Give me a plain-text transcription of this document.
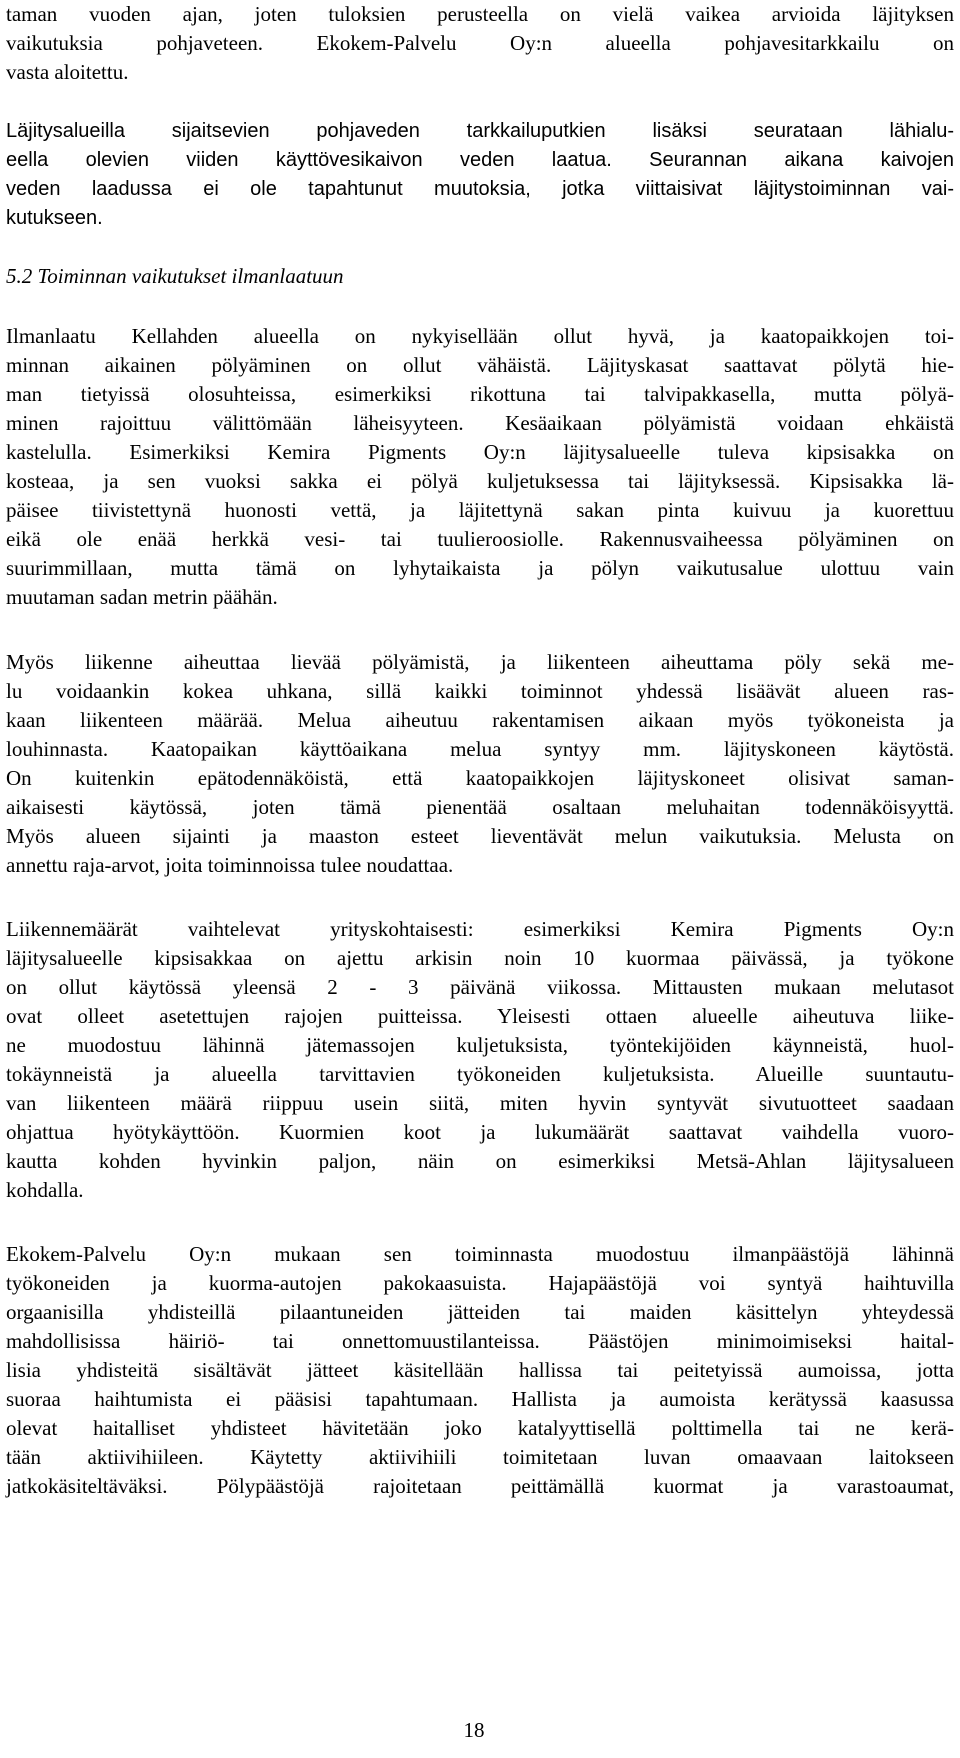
taman vuoden ajan, joten tuloksien perusteella on vielä vaikea arvioida läjityksen
vaikutuksia pohjaveteen. Ekokem-Palvelu Oy:n alueella pohjavesitarkkailu on
vasta aloitettu.
Läjitysalueilla sijaitsevien pohjaveden tarkkailuputkien lisäksi seurataan lähialu-
eella olevien viiden käyttövesikaivon veden laatua. Seurannan aikana kaivojen
veden laadussa ei ole tapahtunut muutoksia, jotka viittaisivat läjitystoiminnan vai-
kutukseen.
5.2 Toiminnan vaikutukset ilmanlaatuun
Ilmanlaatu Kellahden alueella on nykyisellään ollut hyvä, ja kaatopaikkojen toi-
minnan aikainen pölyäminen on ollut vähäistä. Läjityskasat saattavat pölytä hie-
man tietyissä olosuhteissa, esimerkiksi rikottuna tai talvipakkasella, mutta pölyä-
minen rajoittuu välittömään läheisyyteen. Kesäaikaan pölyämistä voidaan ehkäistä
kastelulla. Esimerkiksi Kemira Pigments Oy:n läjitysalueelle tuleva kipsisakka on
kosteaa, ja sen vuoksi sakka ei pölyä kuljetuksessa tai läjityksessä. Kipsisakka lä-
päisee tiivistettynä huonosti vettä, ja läjitettynä sakan pinta kuivuu ja kuorettuu
eikä ole enää herkkä vesi- tai tuulieroosiolle. Rakennusvaiheessa pölyäminen on
suurimmillaan, mutta tämä on lyhytaikaista ja pölyn vaikutusalue ulottuu vain
muutaman sadan metrin päähän.
Myös liikenne aiheuttaa lievää pölyämistä, ja liikenteen aiheuttama pöly sekä me-
lu voidaankin kokea uhkana, sillä kaikki toiminnot yhdessä lisäävät alueen ras-
kaan liikenteen määrää. Melua aiheutuu rakentamisen aikaan myös työkoneista ja
louhinnasta. Kaatopaikan käyttöaikana melua syntyy mm. läjityskoneen käytöstä.
On kuitenkin epätodennäköistä, että kaatopaikkojen läjityskoneet olisivat saman-
aikaisesti käytössä, joten tämä pienentää osaltaan meluhaitan todennäköisyyttä.
Myös alueen sijainti ja maaston esteet lieventävät melun vaikutuksia. Melusta on
annettu raja-arvot, joita toiminnoissa tulee noudattaa.
Liikennemäärät vaihtelevat yrityskohtaisesti: esimerkiksi Kemira Pigments Oy:n
läjitysalueelle kipsisakkaa on ajettu arkisin noin 10 kuormaa päivässä, ja työkone
on ollut käytössä yleensä 2 - 3 päivänä viikossa. Mittausten mukaan melutasot
ovat olleet asetettujen rajojen puitteissa. Yleisesti ottaen alueelle aiheutuva liike-
ne muodostuu lähinnä jätemassojen kuljetuksista, työntekijöiden käynneistä, huol-
tokäynneistä ja alueella tarvittavien työkoneiden kuljetuksista. Alueille suuntautu-
van liikenteen määrä riippuu usein siitä, miten hyvin syntyvät sivutuotteet saadaan
ohjattua hyötykäyttöön. Kuormien koot ja lukumäärät saattavat vaihdella vuoro-
kautta kohden hyvinkin paljon, näin on esimerkiksi Metsä-Ahlan läjitysalueen
kohdalla.
Ekokem-Palvelu Oy:n mukaan sen toiminnasta muodostuu ilmanpäästöjä lähinnä
työkoneiden ja kuorma-autojen pakokaasuista. Hajapäästöjä voi syntyä haihtuvilla
orgaanisilla yhdisteillä pilaantuneiden jätteiden tai maiden käsittelyn yhteydessä
mahdollisissa häiriö- tai onnettomuustilanteissa. Päästöjen minimoimiseksi haital-
lisia yhdisteitä sisältävät jätteet käsitellään hallissa tai peitetyissä aumoissa, jotta
suoraa haihtumista ei pääsisi tapahtumaan. Hallista ja aumoista kerätyssä kaasussa
olevat haitalliset yhdisteet hävitetään joko katalyyttisellä polttimella tai ne kerä-
tään aktiivihiileen. Käytetty aktiivihiili toimitetaan luvan omaavaan laitokseen
jatkokäsiteltäväksi. Pölypäästöjä rajoitetaan peittämällä kuormat ja varastoaumat,
18
